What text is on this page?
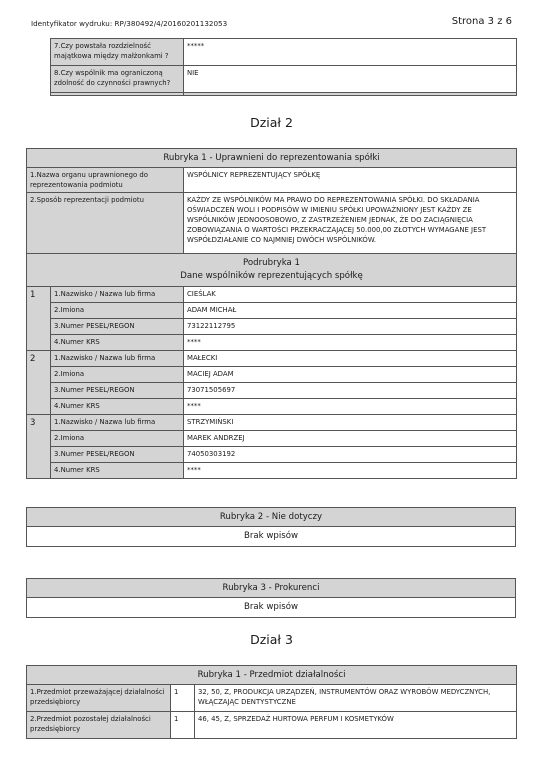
Identyfikator wydruku: RP/380492/4/20160201132053	Strona 3 z 6
7.Czy powstała rozdzielność majątkowa między małżonkami ?	*****
8.Czy wspólnik ma ograniczoną zdolność do czynności prawnych?	NIE

Dział 2
Rubryka 1 - Uprawnieni do reprezentowania spółki		
1.Nazwa organu uprawnionego do reprezentowania podmiotu		WSPÓLNICY REPREZENTUJĄCY SPÓŁKĘ
2.Sposób reprezentacji podmiotu		KAŻDY ZE WSPÓLNIKÓW MA PRAWO DO REPREZENTOWANIA SPÓŁKI. DO SKŁADANIA OŚWIADCZEŃ WOLI I PODPISÓW W IMIENIU SPÓŁKI UPOWAŻNIONY JEST KAŻDY ZE WSPÓLNIKÓW JEDNOOSOBOWO, Z ZASTRZEŻENIEM JEDNAK, ŻE DO ZACIĄGNIĘCIA ZOBOWIĄZANIA O WARTOŚCI PRZEKRACZAJĄCEJ 50.000,00 ZŁOTYCH WYMAGANE JEST WSPÓŁDZIAŁANIE CO NAJMNIEJ DWÓCH WSPÓLNIKÓW.

Podrubryka 1
Dane wspólników reprezentujących spółkę		

1	1.Nazwisko / Nazwa lub firma	CIEŚLAK
	2.Imiona	ADAM MICHAŁ
	3.Numer PESEL/REGON	73122112795
	4.Numer KRS	****
2	1.Nazwisko / Nazwa lub firma	MAŁECKI
	2.Imiona	MACIEJ ADAM
	3.Numer PESEL/REGON	73071505697
	4.Numer KRS	****
3	1.Nazwisko / Nazwa lub firma	STRZYMIŃSKI
	2.Imiona	MAREK ANDRZEJ
	3.Numer PESEL/REGON	74050303192
	4.Numer KRS	****
Rubryka 2 - Nie dotyczy
Brak wpisów
Rubryka 3 - Prokurenci
Brak wpisów
Dział 3
Rubryka 1 - Przedmiot działalności		
1.Przedmiot przeważającej działalności przedsiębiorcy	1	32, 50, Z, PRODUKCJA URZĄDZEŃ, INSTRUMENTÓW ORAZ WYROBÓW MEDYCZNYCH, WŁĄCZAJĄC DENTYSTYCZNE
2.Przedmiot pozostałej działalności przedsiębiorcy	1	46, 45, Z, SPRZEDAŻ HURTOWA PERFUM I KOSMETYKÓW
